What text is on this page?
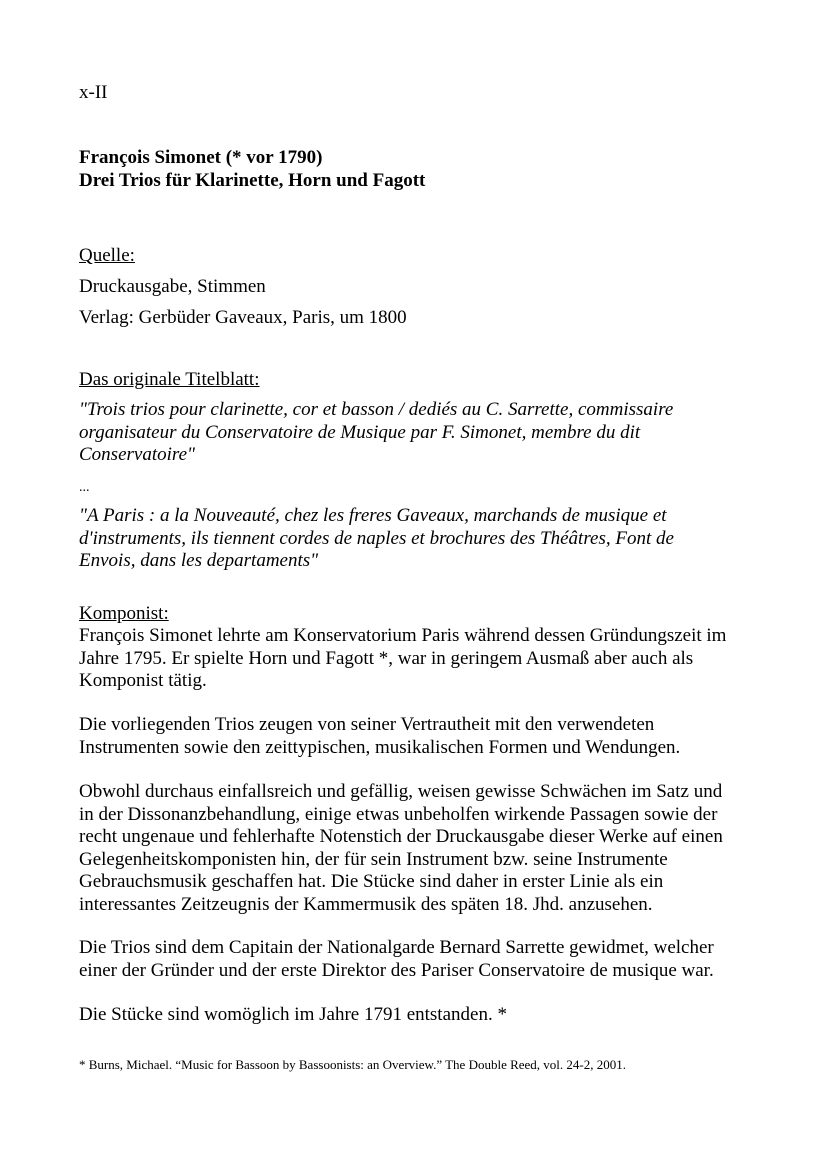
x-II
François Simonet (* vor 1790)
Drei Trios für Klarinette, Horn und Fagott
Quelle:
Druckausgabe, Stimmen
Verlag: Gerbüder Gaveaux, Paris, um 1800
Das originale Titelblatt:
"Trois trios pour clarinette, cor et basson / dediés au C. Sarrette, commissaire
organisateur du Conservatoire de Musique par F. Simonet, membre du dit
Conservatoire"
...
"A Paris : a la Nouveauté, chez les freres Gaveaux, marchands de musique et
d'instruments, ils tiennent cordes de naples et brochures des Théâtres, Font de
Envois, dans les departaments"
Komponist:
François Simonet lehrte am Konservatorium Paris während dessen Gründungszeit im
Jahre 1795. Er spielte Horn und Fagott *, war in geringem Ausmaß aber auch als
Komponist tätig.
Die vorliegenden Trios zeugen von seiner Vertrautheit mit den verwendeten
Instrumenten sowie den zeittypischen, musikalischen Formen und Wendungen.
Obwohl durchaus einfallsreich und gefällig, weisen gewisse Schwächen im Satz und
in der Dissonanzbehandlung, einige etwas unbeholfen wirkende Passagen sowie der
recht ungenaue und fehlerhafte Notenstich der Druckausgabe dieser Werke auf einen
Gelegenheitskomponisten hin, der für sein Instrument bzw. seine Instrumente
Gebrauchsmusik geschaffen hat. Die Stücke sind daher in erster Linie als ein
interessantes Zeitzeugnis der Kammermusik des späten 18. Jhd. anzusehen.
Die Trios sind dem Capitain der Nationalgarde Bernard Sarrette gewidmet, welcher
einer der Gründer und der erste Direktor des Pariser Conservatoire de musique war.
Die Stücke sind womöglich im Jahre 1791 entstanden. *
* Burns, Michael. “Music for Bassoon by Bassoonists: an Overview.” The Double Reed, vol. 24-2, 2001.
